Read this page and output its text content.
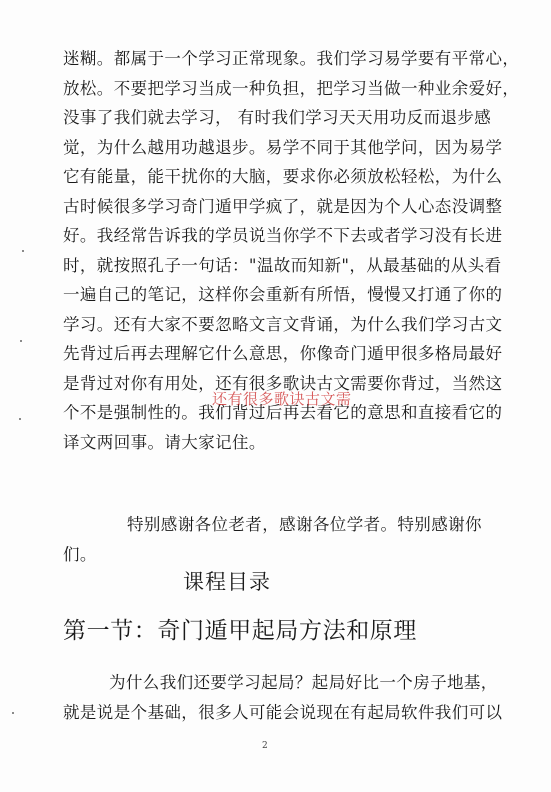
迷糊。都属于一个学习正常现象。我们学习易学要有平常心，
放松。不要把学习当成一种负担，把学习当做一种业余爱好，
没事了我们就去学习， 有时我们学习天天用功反而退步感
觉，为什么越用功越退步。易学不同于其他学问，因为易学
它有能量，能干扰你的大脑，要求你必须放松轻松，为什么
古时候很多学习奇门遁甲学疯了，就是因为个人心态没调整
好。我经常告诉我的学员说当你学不下去或者学习没有长进
时，就按照孔子一句话："温故而知新"，从最基础的从头看
一遍自己的笔记，这样你会重新有所悟，慢慢又打通了你的
学习。还有大家不要忽略文言文背诵，为什么我们学习古文
先背过后再去理解它什么意思，你像奇门遁甲很多格局最好
是背过对你有用处，还有很多歌诀古文需要你背过，当然这
个不是强制性的。我们背过后再去看它的意思和直接看它的
译文两回事。请大家记住。
还有很多歌诀古文需
特别感谢各位老者，感谢各位学者。特别感谢你
们。
课程目录
第一节：奇门遁甲起局方法和原理
为什么我们还要学习起局？起局好比一个房子地基，
就是说是个基础，很多人可能会说现在有起局软件我们可以
2
